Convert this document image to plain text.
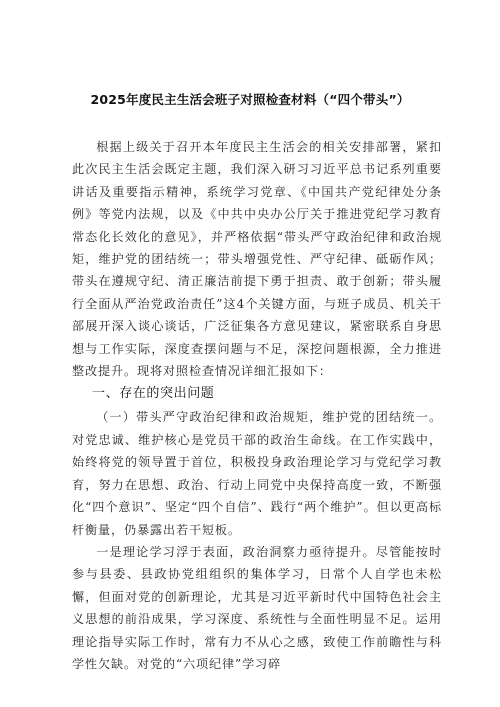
2025年度民主生活会班子对照检查材料（“四个带头”）

根据上级关于召开本年度民主生活会的相关安排部署，紧扣此次民主生活会既定主题，我们深入研习习近平总书记系列重要讲话及重要指示精神，系统学习党章、《中国共产党纪律处分条例》等党内法规，以及《中共中央办公厅关于推进党纪学习教育常态化长效化的意见》，并严格依据“带头严守政治纪律和政治规矩，维护党的团结统一；带头增强党性、严守纪律、砥砺作风；带头在遵规守纪、清正廉洁前提下勇于担责、敢于创新；带头履行全面从严治党政治责任”这4个关键方面，与班子成员、机关干部展开深入谈心谈话，广泛征集各方意见建议，紧密联系自身思想与工作实际，深度查摆问题与不足，深挖问题根源，全力推进整改提升。现将对照检查情况详细汇报如下：

一、存在的突出问题

（一）带头严守政治纪律和政治规矩，维护党的团结统一。对党忠诚、维护核心是党员干部的政治生命线。在工作实践中，始终将党的领导置于首位，积极投身政治理论学习与党纪学习教育，努力在思想、政治、行动上同党中央保持高度一致，不断强化“四个意识”、坚定“四个自信”、践行“两个维护”。但以更高标杆衡量，仍暴露出若干短板。

一是理论学习浮于表面，政治洞察力亟待提升。尽管能按时参与县委、县政协党组组织的集体学习，日常个人自学也未松懈，但面对党的创新理论，尤其是习近平新时代中国特色社会主义思想的前沿成果，学习深度、系统性与全面性明显不足。运用理论指导实际工作时，常有力不从心之感，致使工作前瞻性与科学性欠缺。对党的“六项纪律”学习碎
